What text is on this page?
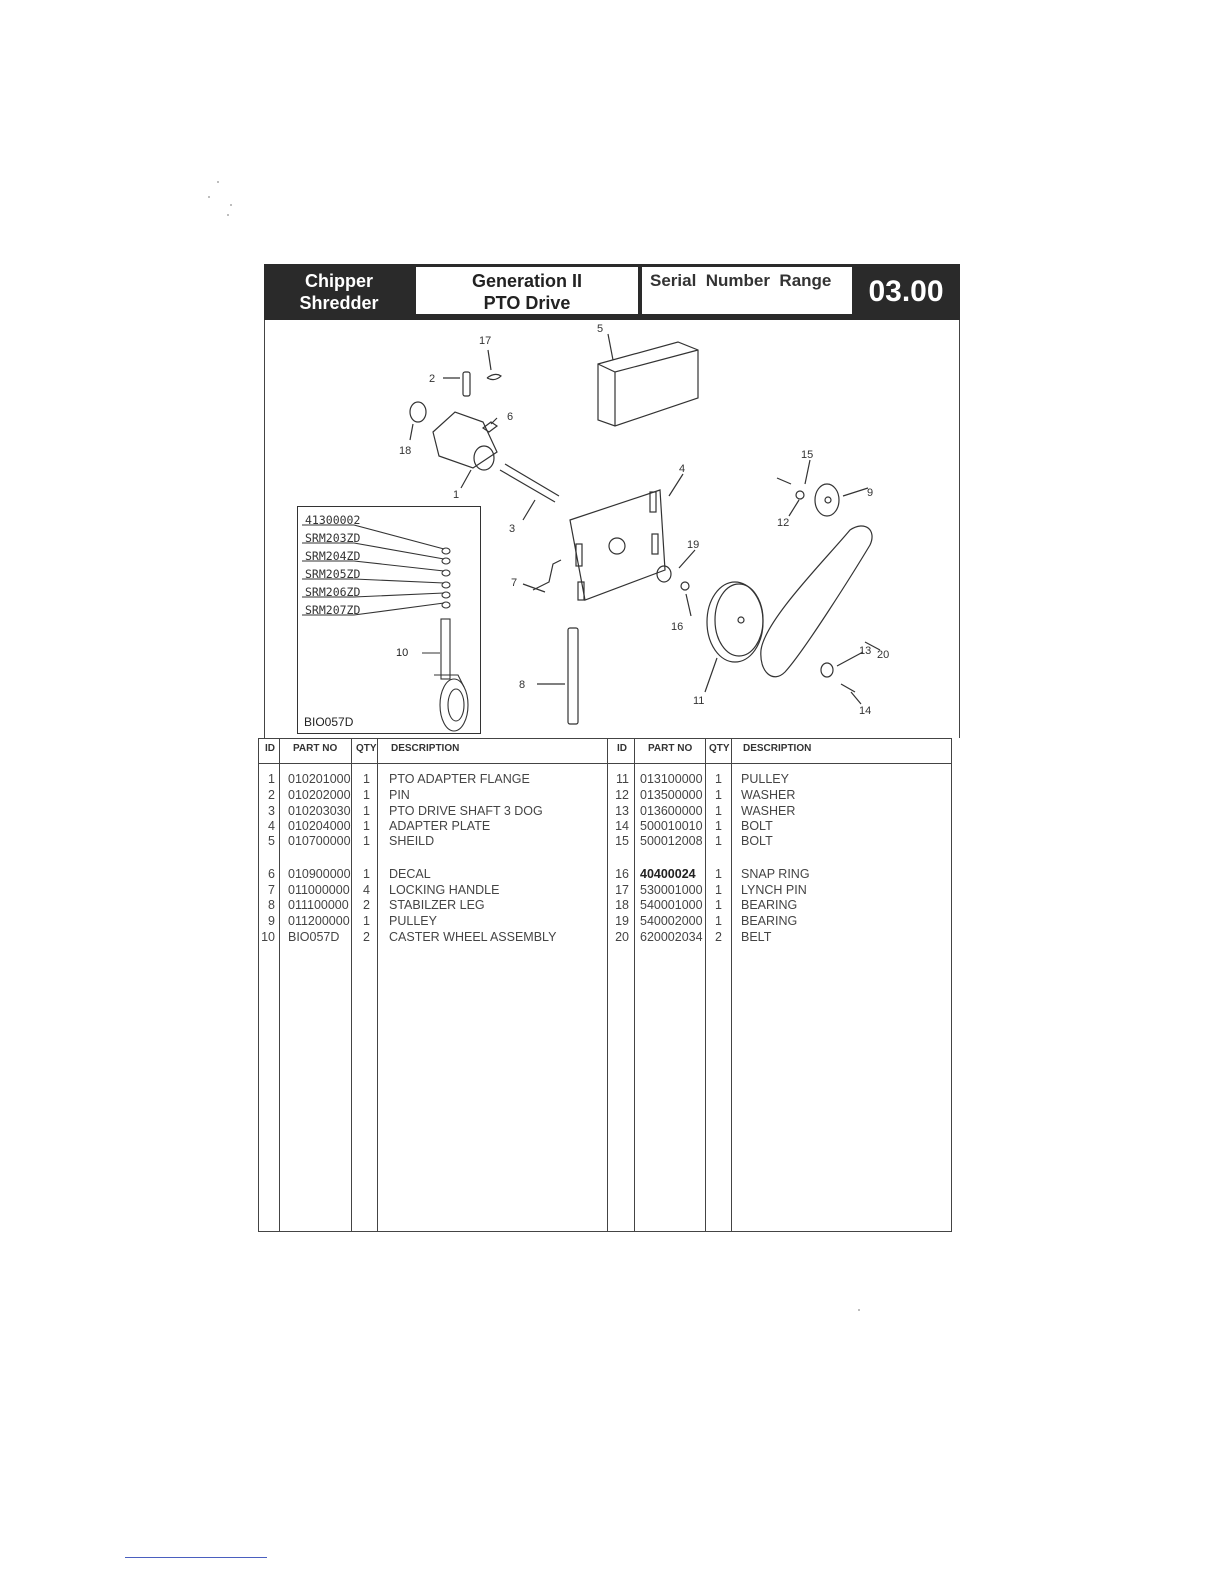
Chipper
Shredder
Generation II
PTO Drive
Serial  Number  Range	03.00
2
17
5
18
6
1
3
4
15
9
12
19
7
16
20
13
8
11
14
41300002
SRM203ZD
SRM204ZD
SRM205ZD
SRM206ZD
SRM207ZD
10
BIO057D
ID PART NO QTY DESCRIPTION	ID PART NO QTY DESCRIPTION
1 010201000 1 PTO ADAPTER FLANGE
2 010202000 1 PIN
3 010203030 1 PTO DRIVE SHAFT 3 DOG
4 010204000 1 ADAPTER PLATE
5 010700000 1 SHEILD
6 010900000 1 DECAL
7 011000000 4 LOCKING HANDLE
8 011100000 2 STABILZER LEG
9 011200000 1 PULLEY
10 BIO057D 2 CASTER WHEEL ASSEMBLY
11 013100000 1 PULLEY
12 013500000 1 WASHER
13 013600000 1 WASHER
14 500010010 1 BOLT
15 500012008 1 BOLT
16 40400024 1 SNAP RING
17 530001000 1 LYNCH PIN
18 540001000 1 BEARING
19 540002000 1 BEARING
20 620002034 2 BELT
